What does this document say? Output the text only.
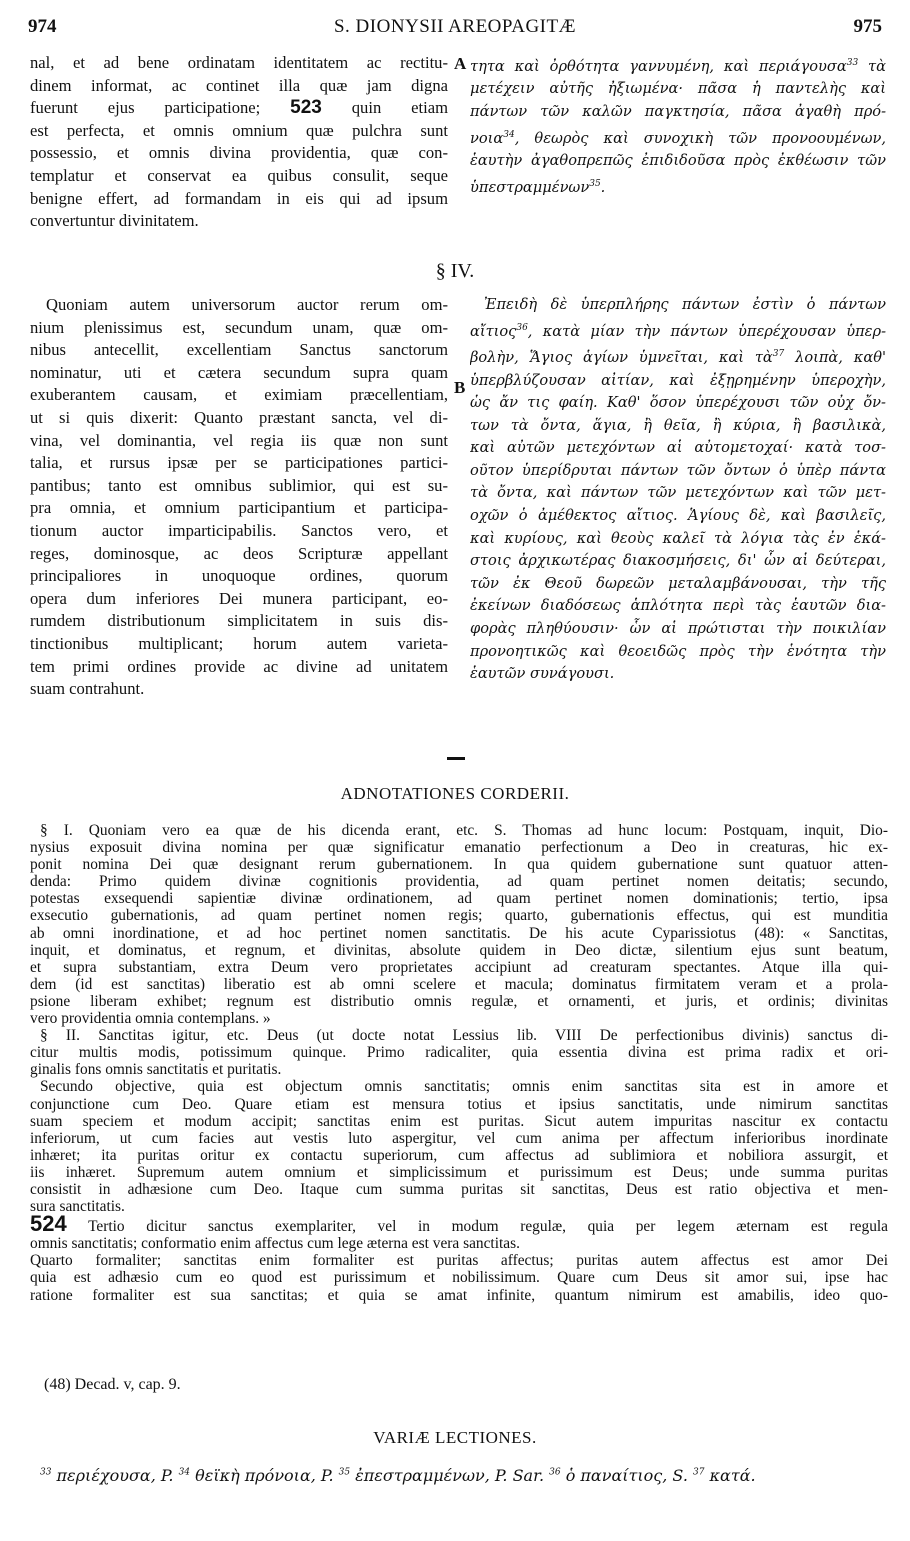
974	S. DIONYSII AREOPAGITÆ	975
nal, et ad bene ordinatam identitatem ac rectitu-
dinem informat, ac continet illa quæ jam digna
fuerunt ejus participatione; 523 quin etiam
est perfecta, et omnis omnium quæ pulchra sunt
possessio, et omnis divina providentia, quæ con-
templatur et conservat ea quibus consulit, seque
benigne effert, ad formandam in eis qui ad ipsum
convertuntur divinitatem.
A τητα καὶ ὀρθότητα γαννυμένη, καὶ περιάγουσα$^{33}$ τὰ
μετέχειν αὐτῆς ἠξιωμένα· πᾶσα ἡ παντελὴς καὶ
πάντων τῶν καλῶν παγκτησία, πᾶσα ἀγαθὴ πρό-
νοια$^{34}$, θεωρὸς καὶ συνοχικὴ τῶν προνοουμένων,
ἑαυτὴν ἀγαθοπρεπῶς ἐπιδιδοῦσα πρὸς ἐκθέωσιν τῶν
ὑπεστραμμένων$^{35}$.
§ IV.
Quoniam autem universorum auctor rerum om-
nium plenissimus est, secundum unam, quæ om-
nibus antecellit, excellentiam Sanctus sanctorum
nominatur, uti et cætera secundum supra quam
exuberantem causam, et eximiam præcellentiam,
ut si quis dixerit: Quanto præstant sancta, vel di-
vina, vel dominantia, vel regia iis quæ non sunt
talia, et rursus ipsæ per se participationes partici-
pantibus; tanto est omnibus sublimior, qui est su-
pra omnia, et omnium participantium et participa-
tionum auctor imparticipabilis. Sanctos vero, et
reges, dominosque, ac deos Scripturæ appellant
principaliores in unoquoque ordines, quorum
opera dum inferiores Dei munera participant, eo-
rumdem distributionum simplicitatem in suis dis-
tinctionibus multiplicant; horum autem varieta-
tem primi ordines provide ac divine ad unitatem
suam contrahunt.
B
Ἐπειδὴ δὲ ὑπερπλήρης πάντων ἐστὶν ὁ πάντων
αἴτιος$^{36}$, κατὰ μίαν τὴν πάντων ὑπερέχουσαν ὑπερ-
βολὴν, Ἅγιος ἁγίων ὑμνεῖται, καὶ τὰ$^{37}$ λοιπὰ, καθ'
ὑπερβλύζουσαν αἰτίαν, καὶ ἐξῃρημένην ὑπεροχὴν,
ὡς ἄν τις φαίη. Καθ' ὅσον ὑπερέχουσι τῶν οὐχ ὄν-
των τὰ ὄντα, ἅγια, ἢ θεῖα, ἢ κύρια, ἢ βασιλικὰ,
καὶ αὐτῶν μετεχόντων αἱ αὐτομετοχαί· κατὰ τοσ-
οῦτον ὑπερίδρυται πάντων τῶν ὄντων ὁ ὑπὲρ πάντα
τὰ ὄντα, καὶ πάντων τῶν μετεχόντων καὶ τῶν μετ-
οχῶν ὁ ἀμέθεκτος αἴτιος. Ἁγίους δὲ, καὶ βασιλεῖς,
καὶ κυρίους, καὶ θεοὺς καλεῖ τὰ λόγια τὰς ἐν ἑκά-
στοις ἀρχικωτέρας διακοσμήσεις, δι' ὧν αἱ δεύτεραι,
τῶν ἐκ Θεοῦ δωρεῶν μεταλαμβάνουσαι, τὴν τῆς
ἐκείνων διαδόσεως ἁπλότητα περὶ τὰς ἑαυτῶν δια-
φορὰς πληθύουσιν· ὧν αἱ πρώτισται τὴν ποικιλίαν
προνοητικῶς καὶ θεοειδῶς πρὸς τὴν ἑνότητα τὴν
ἑαυτῶν συνάγουσι.
ADNOTATIONES CORDERII.
§ I. Quoniam vero ea quæ de his dicenda erant, etc. S. Thomas ad hunc locum: Postquam, inquit, Dio-
nysius exposuit divina nomina per quæ significatur emanatio perfectionum a Deo in creaturas, hic ex-
ponit nomina Dei quæ designant rerum gubernationem. In qua quidem gubernatione sunt quatuor atten-
denda: Primo quidem divinæ cognitionis providentia, ad quam pertinet nomen deitatis; secundo,
potestas exsequendi sapientiæ divinæ ordinationem, ad quam pertinet nomen dominationis; tertio, ipsa
exsecutio gubernationis, ad quam pertinet nomen regis; quarto, gubernationis effectus, qui est munditia
ab omni inordinatione, et ad hoc pertinet nomen sanctitatis. De his acute Cyparissiotus (48): « Sanctitas,
inquit, et dominatus, et regnum, et divinitas, absolute quidem in Deo dictæ, silentium ejus sunt beatum,
et supra substantiam, extra Deum vero proprietates accipiunt ad creaturam spectantes. Atque illa qui-
dem (id est sanctitas) liberatio est ab omni scelere et macula; dominatus firmitatem veram et a prola-
psione liberam exhibet; regnum est distributio omnis regulæ, et ornamenti, et juris, et ordinis; divinitas
vero providentia omnia contemplans. »
§ II. Sanctitas igitur, etc. Deus (ut docte notat Lessius lib. VIII De perfectionibus divinis) sanctus di-
citur multis modis, potissimum quinque. Primo radicaliter, quia essentia divina est prima radix et ori-
ginalis fons omnis sanctitatis et puritatis.
Secundo objective, quia est objectum omnis sanctitatis; omnis enim sanctitas sita est in amore et
conjunctione cum Deo. Quare etiam est mensura totius et ipsius sanctitatis, unde nimirum sanctitas
suam speciem et modum accipit; sanctitas enim est puritas. Sicut autem impuritas nascitur ex contactu
inferiorum, ut cum facies aut vestis luto aspergitur, vel cum anima per affectum inferioribus inordinate
inhæret; ita puritas oritur ex contactu superiorum, cum affectus ad sublimiora et nobiliora assurgit, et
iis inhæret. Supremum autem omnium et simplicissimum et purissimum est Deus; unde summa puritas
consistit in adhæsione cum Deo. Itaque cum summa puritas sit sanctitas, Deus est ratio objectiva et men-
sura sanctitatis.
524 Tertio dicitur sanctus exemplariter, vel in modum regulæ, quia per legem æternam est regula
omnis sanctitatis; conformatio enim affectus cum lege æterna est vera sanctitas.
Quarto formaliter; sanctitas enim formaliter est puritas affectus; puritas autem affectus est amor Dei
quia est adhæsio cum eo quod est purissimum et nobilissimum. Quare cum Deus sit amor sui, ipse hac
ratione formaliter est sua sanctitas; et quia se amat infinite, quantum nimirum est amabilis, ideo quo-
(48) Decad. v, cap. 9.
VARIÆ LECTIONES.
$^{33}$ περιέχουσα, P. $^{34}$ θεϊκὴ πρόνοια, P. $^{35}$ ἐπεστραμμένων, P. Sar. $^{36}$ ὁ παναίτιος, S. $^{37}$ κατά.
